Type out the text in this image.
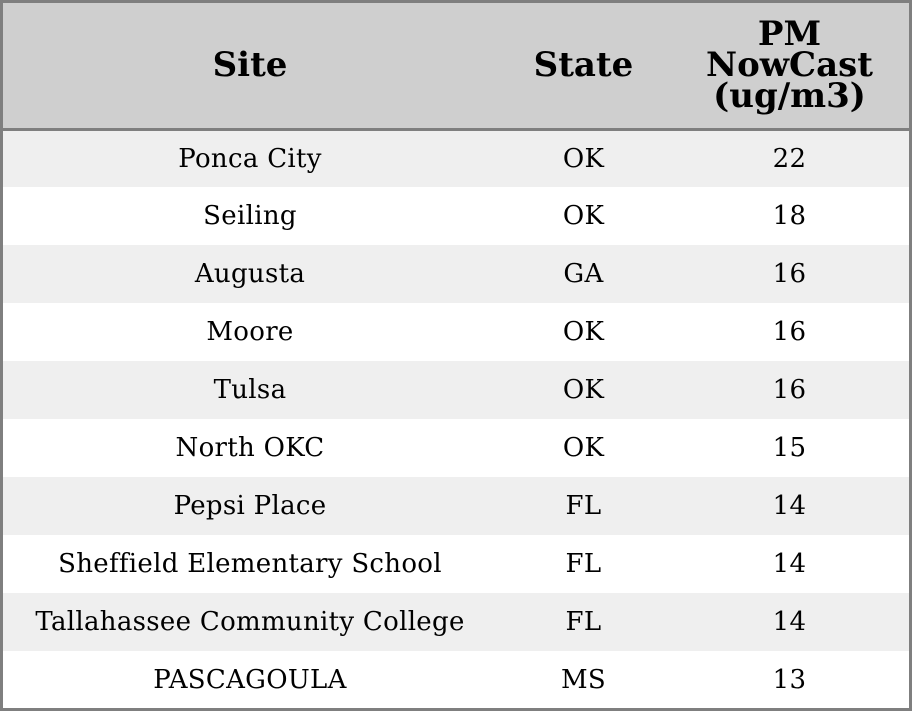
Site	State	PM
NowCast
(ug/m3)
Ponca City	OK	22
Seiling	OK	18
Augusta	GA	16
Moore	OK	16
Tulsa	OK	16
North OKC	OK	15
Pepsi Place	FL	14
Sheffield Elementary School	FL	14
Tallahassee Community College	FL	14
PASCAGOULA	MS	13
